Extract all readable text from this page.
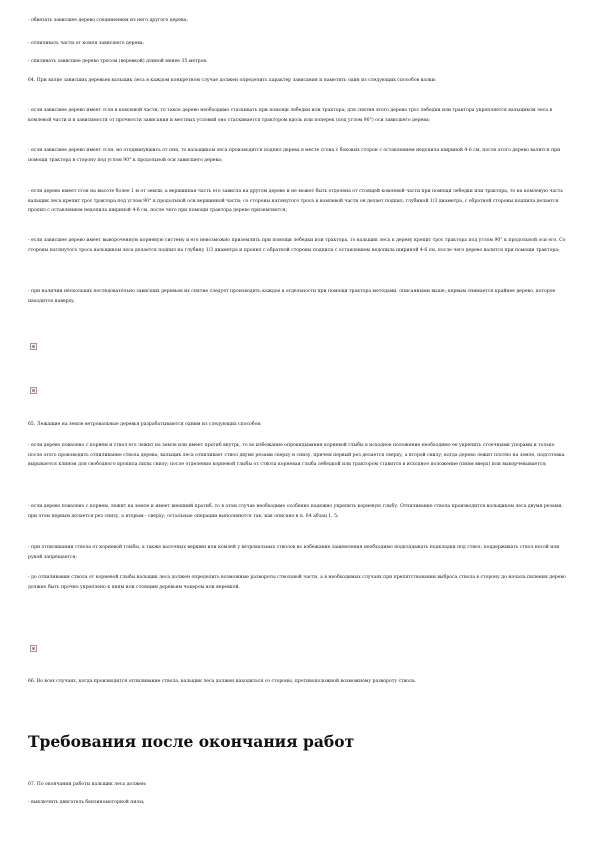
- обвязать зависшее дерево соединением из него другого дерева;

- отпиливать части от комля зависшего дерева;

- спиливать зависшее дерево тросом (веревкой) длиной менее 35 метров.

64. При валке зависших деревьев вальщик леса в каждом конкретном случае должен определить характер зависания и наметить один из следующих способов валки:

- если зависшее дерево имеет сгон в комлевой части, то такое дерево необходимо стаскивать при помощи лебедки или трактора; для снятия этого дерева трос лебедки или трактора укрепляется вальщиком леса в комлевой части и в зависимости от прочности зависания и местных условий оно стаскивается трактором вдоль или поперек (под углом 90°) оси зависшего дерева;

- если зависшее дерево имеет сгон, но отодвинувшись от пня, то вальщиком леса производится подпил дерева в месте сгона с боковых сторон с оставлением недопила шириной 4-6 см, после этого дерево валится при помощи трактора в сторону под углом 90° к продольной оси зависшего дерева;

- если дерево имеет сгон на высоте более 1 м от земли, а вершинная часть его зависла на другом дереве и не может быть отделена от стоящей комлевой части при помощи лебедки или трактора, то на комлевую часть вальщик леса крепит трос трактора под углом 90° к продольной оси вершинной части; со стороны натянутого троса в комлевой части он делает подпил, глубиной 1/3 диаметра, с обратной стороны подпила делается пропил с оставлением недопила шириной 4-6 см, после чего при помощи трактора дерево приземляется;

- если зависшее дерево имеет вывороченную корневую систему и его невозможно приземлить при помощи лебедки или трактора, то вальщик леса к дереву крепит трос трактора под углом 90° к продольной оси его. Со стороны натянутого троса вальщиком леса делается подпил на глубину 1/3 диаметра и пропил с обратной стороны подпила с оставлением недопила шириной 4-6 см, после чего дерево валится при помощи трактора;

- при наличии нескольких последовательно зависших деревьев их снятие следует производить каждое в отдельности при помощи трактора методами, описанными выше; первым снимается крайнее дерево, которое находится наверху.

65. Лежащие на земле ветровальные деревья разрабатываются одним из следующих способов:

- если дерево повалено с корнем и ствол его лежит на земле или имеет прогиб внутрь, то во избежание опрокидывания корневой глыбы в исходное положение необходимо ее укрепить стоечными упорами и только после этого производить отпиливание ствола дерева; вальщик леса отпиливает ствол двумя резами сверху и снизу, причем первый рез делается сверху, а второй снизу; когда дерево лежит плотно на земле, подготовка вырывается клином для свободного пропила пилы снизу; после отделения корневой глыбы от ствола корневая глыба лебедкой или трактором ставится в исходное положение (пням вверх) или выкорчевывается;

- если дерево повалено с корнем, лежит на земле и имеет внешний прогиб, то в этом случае необходимо особенно надежно укрепить корневую глыбу. Отпиливание ствола производится вальщиком леса двумя резами, при этом первым делается рез снизу, а вторым - сверху; остальные операции выполняются так, как описано в п. 64 абзац 1, 5;

- при отпиливании ствола от корневой глыбы, а также валочных вершин или комлей у ветровальных стволов во избежание защемления необходимо подкладывать подкладки под ствол; поддерживать ствол ногой или рукой запрещается;

- до отпиливания ствола от корневой глыбы вальщик леса должен определить возможные развороты стволовой части, а в необходимых случаях при препятствовании выброса ствола в сторону до начала пиления дерево должно быть прочно укреплено к пням или стоящим деревьям чокером или веревкой.

66. Во всех случаях, когда производится отпиливание ствола, вальщик леса должен находиться со стороны, противоположной возможному развороту ствола.

Требования после окончания работ

67. По окончании работы вальщик леса должен:

- выключить двигатель бензиномоторной пилы;
